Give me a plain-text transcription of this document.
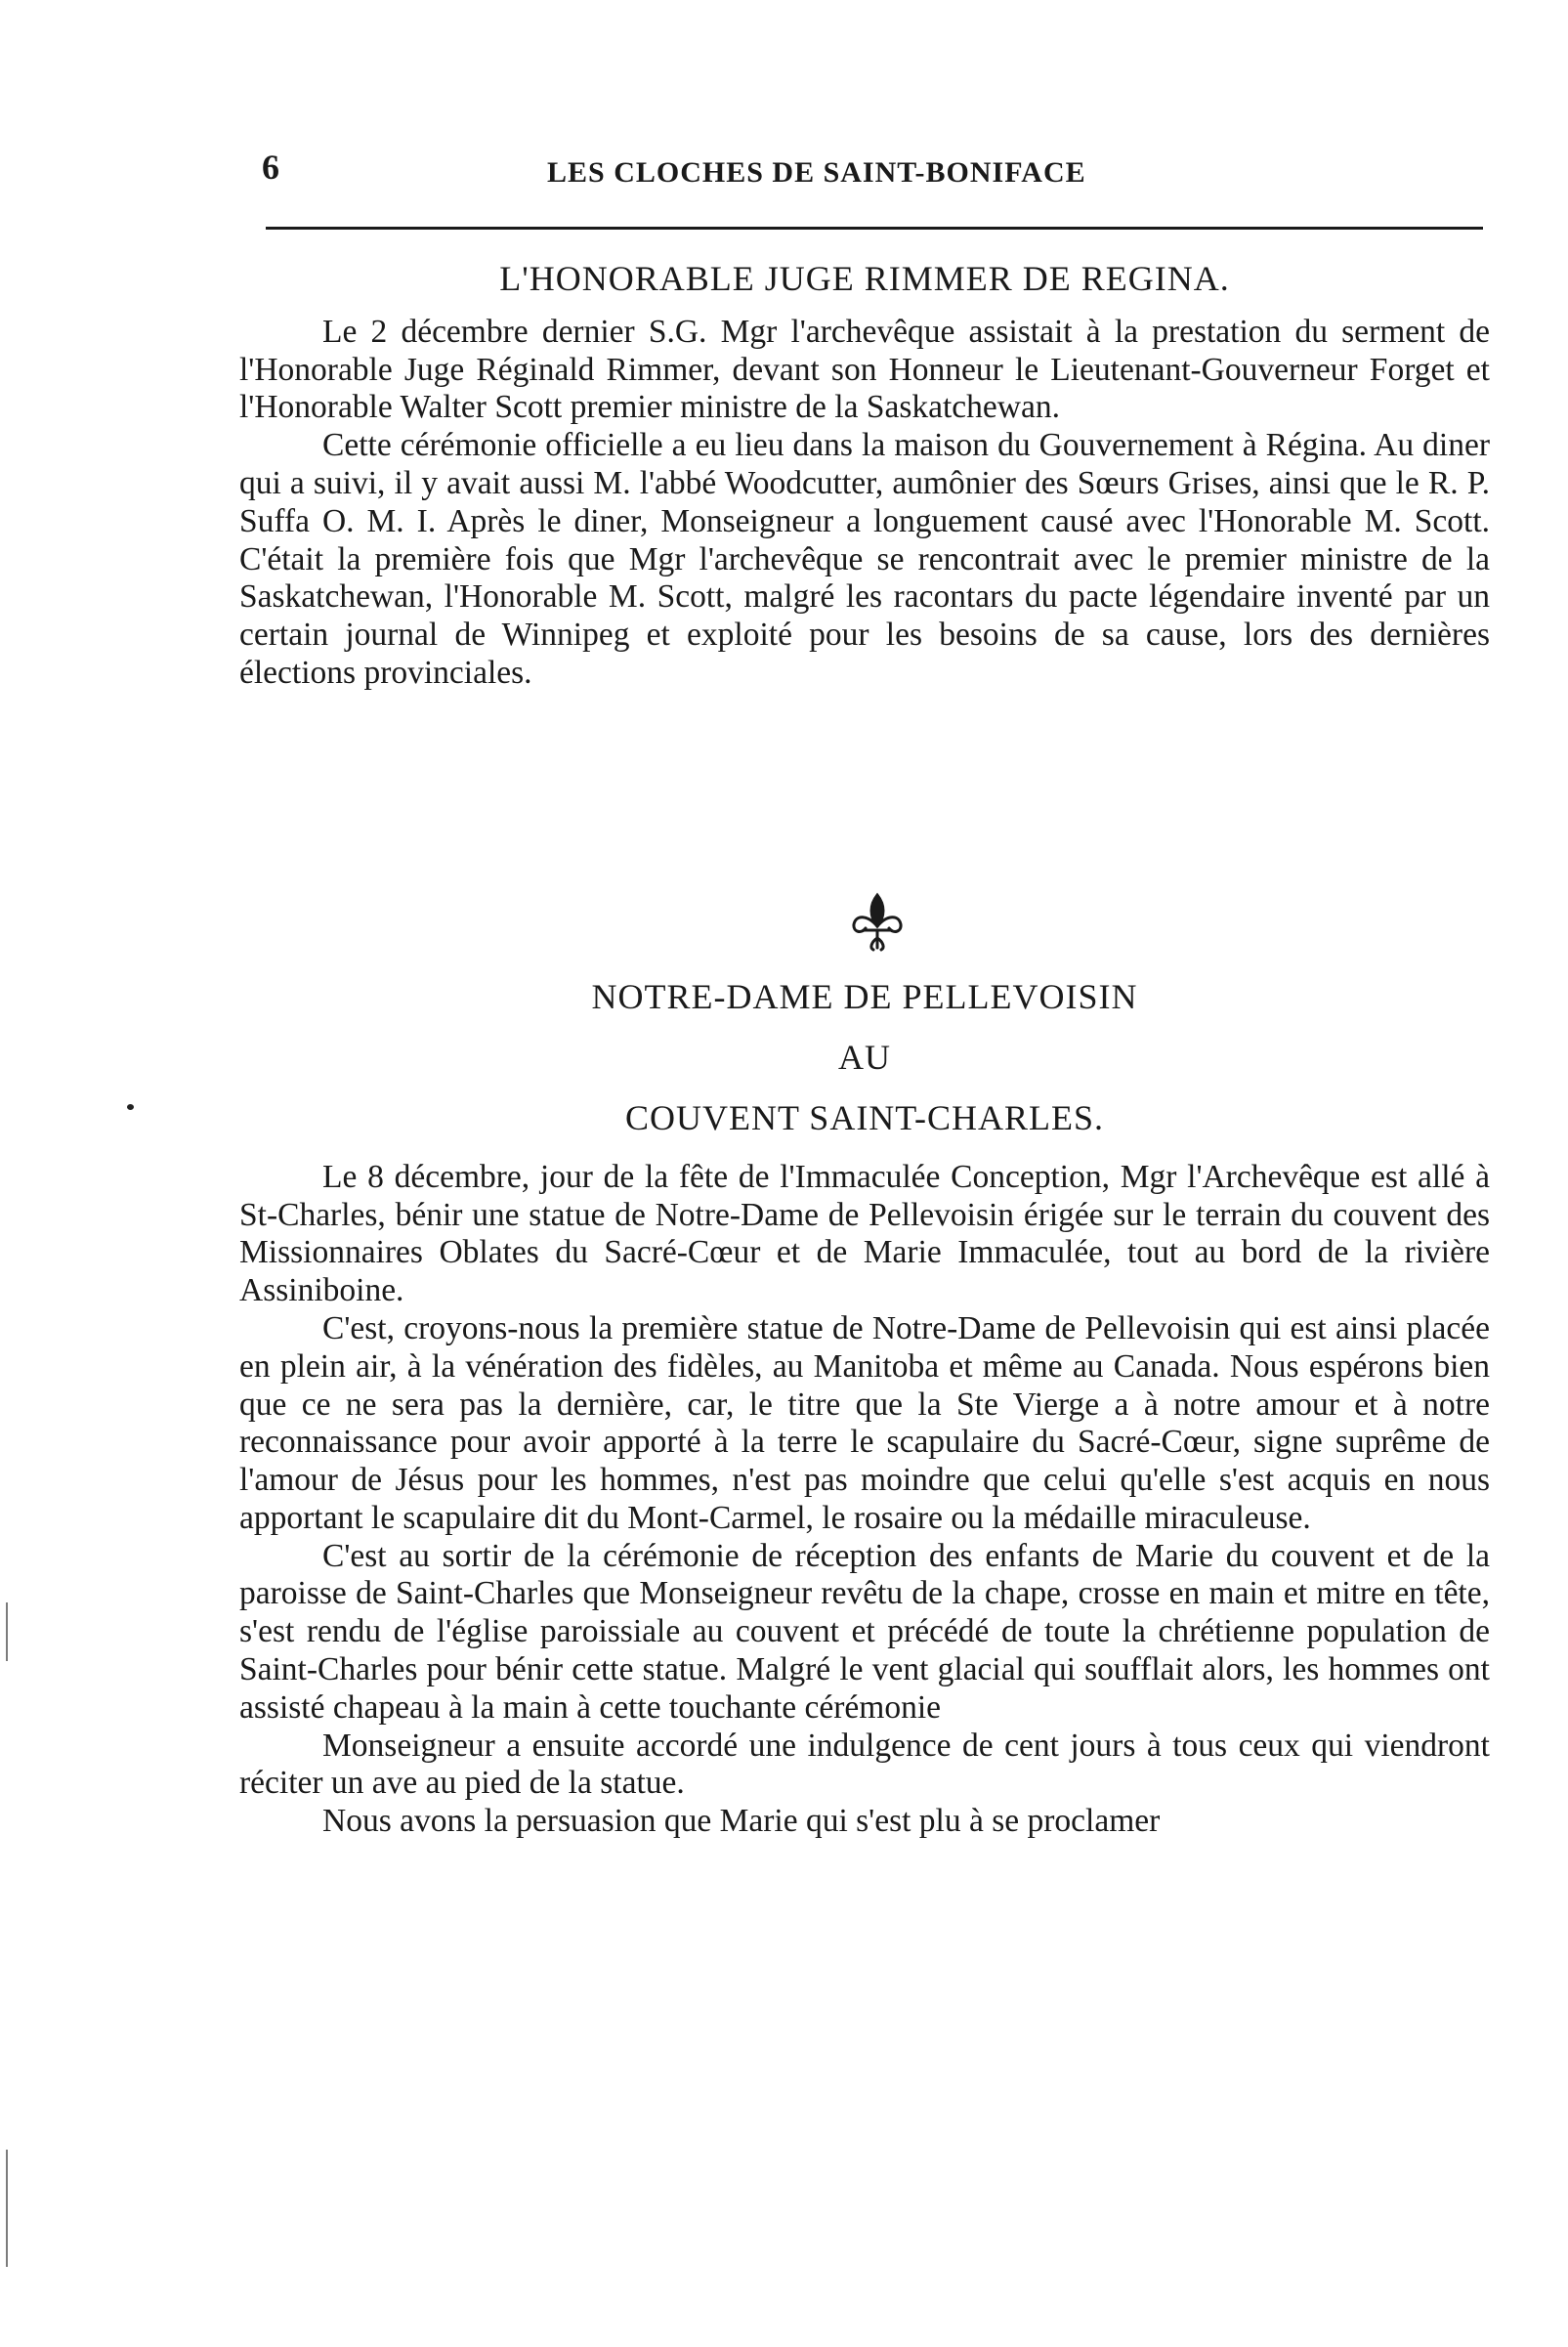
6	LES CLOCHES DE SAINT-BONIFACE
L'HONORABLE JUGE RIMMER DE REGINA.

Le 2 décembre dernier S.G. Mgr l'archevêque assistait à la prestation du serment de l'Honorable Juge Réginald Rimmer, devant son Honneur le Lieutenant-Gouverneur Forget et l'Honorable Walter Scott premier ministre de la Saskatchewan.

Cette cérémonie officielle a eu lieu dans la maison du Gouvernement à Régina. Au diner qui a suivi, il y avait aussi M. l'abbé Woodcutter, aumônier des Sœurs Grises, ainsi que le R. P. Suffa O. M. I. Après le diner, Monseigneur a longuement causé avec l'Honorable M. Scott. C'était la première fois que Mgr l'archevêque se rencontrait avec le premier ministre de la Saskatchewan, l'Honorable M. Scott, malgré les racontars du pacte légendaire inventé par un certain journal de Winnipeg et exploité pour les besoins de sa cause, lors des dernières élections provinciales.

NOTRE-DAME DE PELLEVOISIN
AU
COUVENT SAINT-CHARLES.

Le 8 décembre, jour de la fête de l'Immaculée Conception, Mgr l'Archevêque est allé à St-Charles, bénir une statue de Notre-Dame de Pellevoisin érigée sur le terrain du couvent des Missionnaires Oblates du Sacré-Cœur et de Marie Immaculée, tout au bord de la rivière Assiniboine.

C'est, croyons-nous la première statue de Notre-Dame de Pellevoisin qui est ainsi placée en plein air, à la vénération des fidèles, au Manitoba et même au Canada. Nous espérons bien que ce ne sera pas la dernière, car, le titre que la Ste Vierge a à notre amour et à notre reconnaissance pour avoir apporté à la terre le scapulaire du Sacré-Cœur, signe suprême de l'amour de Jésus pour les hommes, n'est pas moindre que celui qu'elle s'est acquis en nous apportant le scapulaire dit du Mont-Carmel, le rosaire ou la médaille miraculeuse.

C'est au sortir de la cérémonie de réception des enfants de Marie du couvent et de la paroisse de Saint-Charles que Monseigneur revêtu de la chape, crosse en main et mitre en tête, s'est rendu de l'église paroissiale au couvent et précédé de toute la chrétienne population de Saint-Charles pour bénir cette statue. Malgré le vent glacial qui soufflait alors, les hommes ont assisté chapeau à la main à cette touchante cérémonie

Monseigneur a ensuite accordé une indulgence de cent jours à tous ceux qui viendront réciter un ave au pied de la statue.

Nous avons la persuasion que Marie qui s'est plu à se proclamer
